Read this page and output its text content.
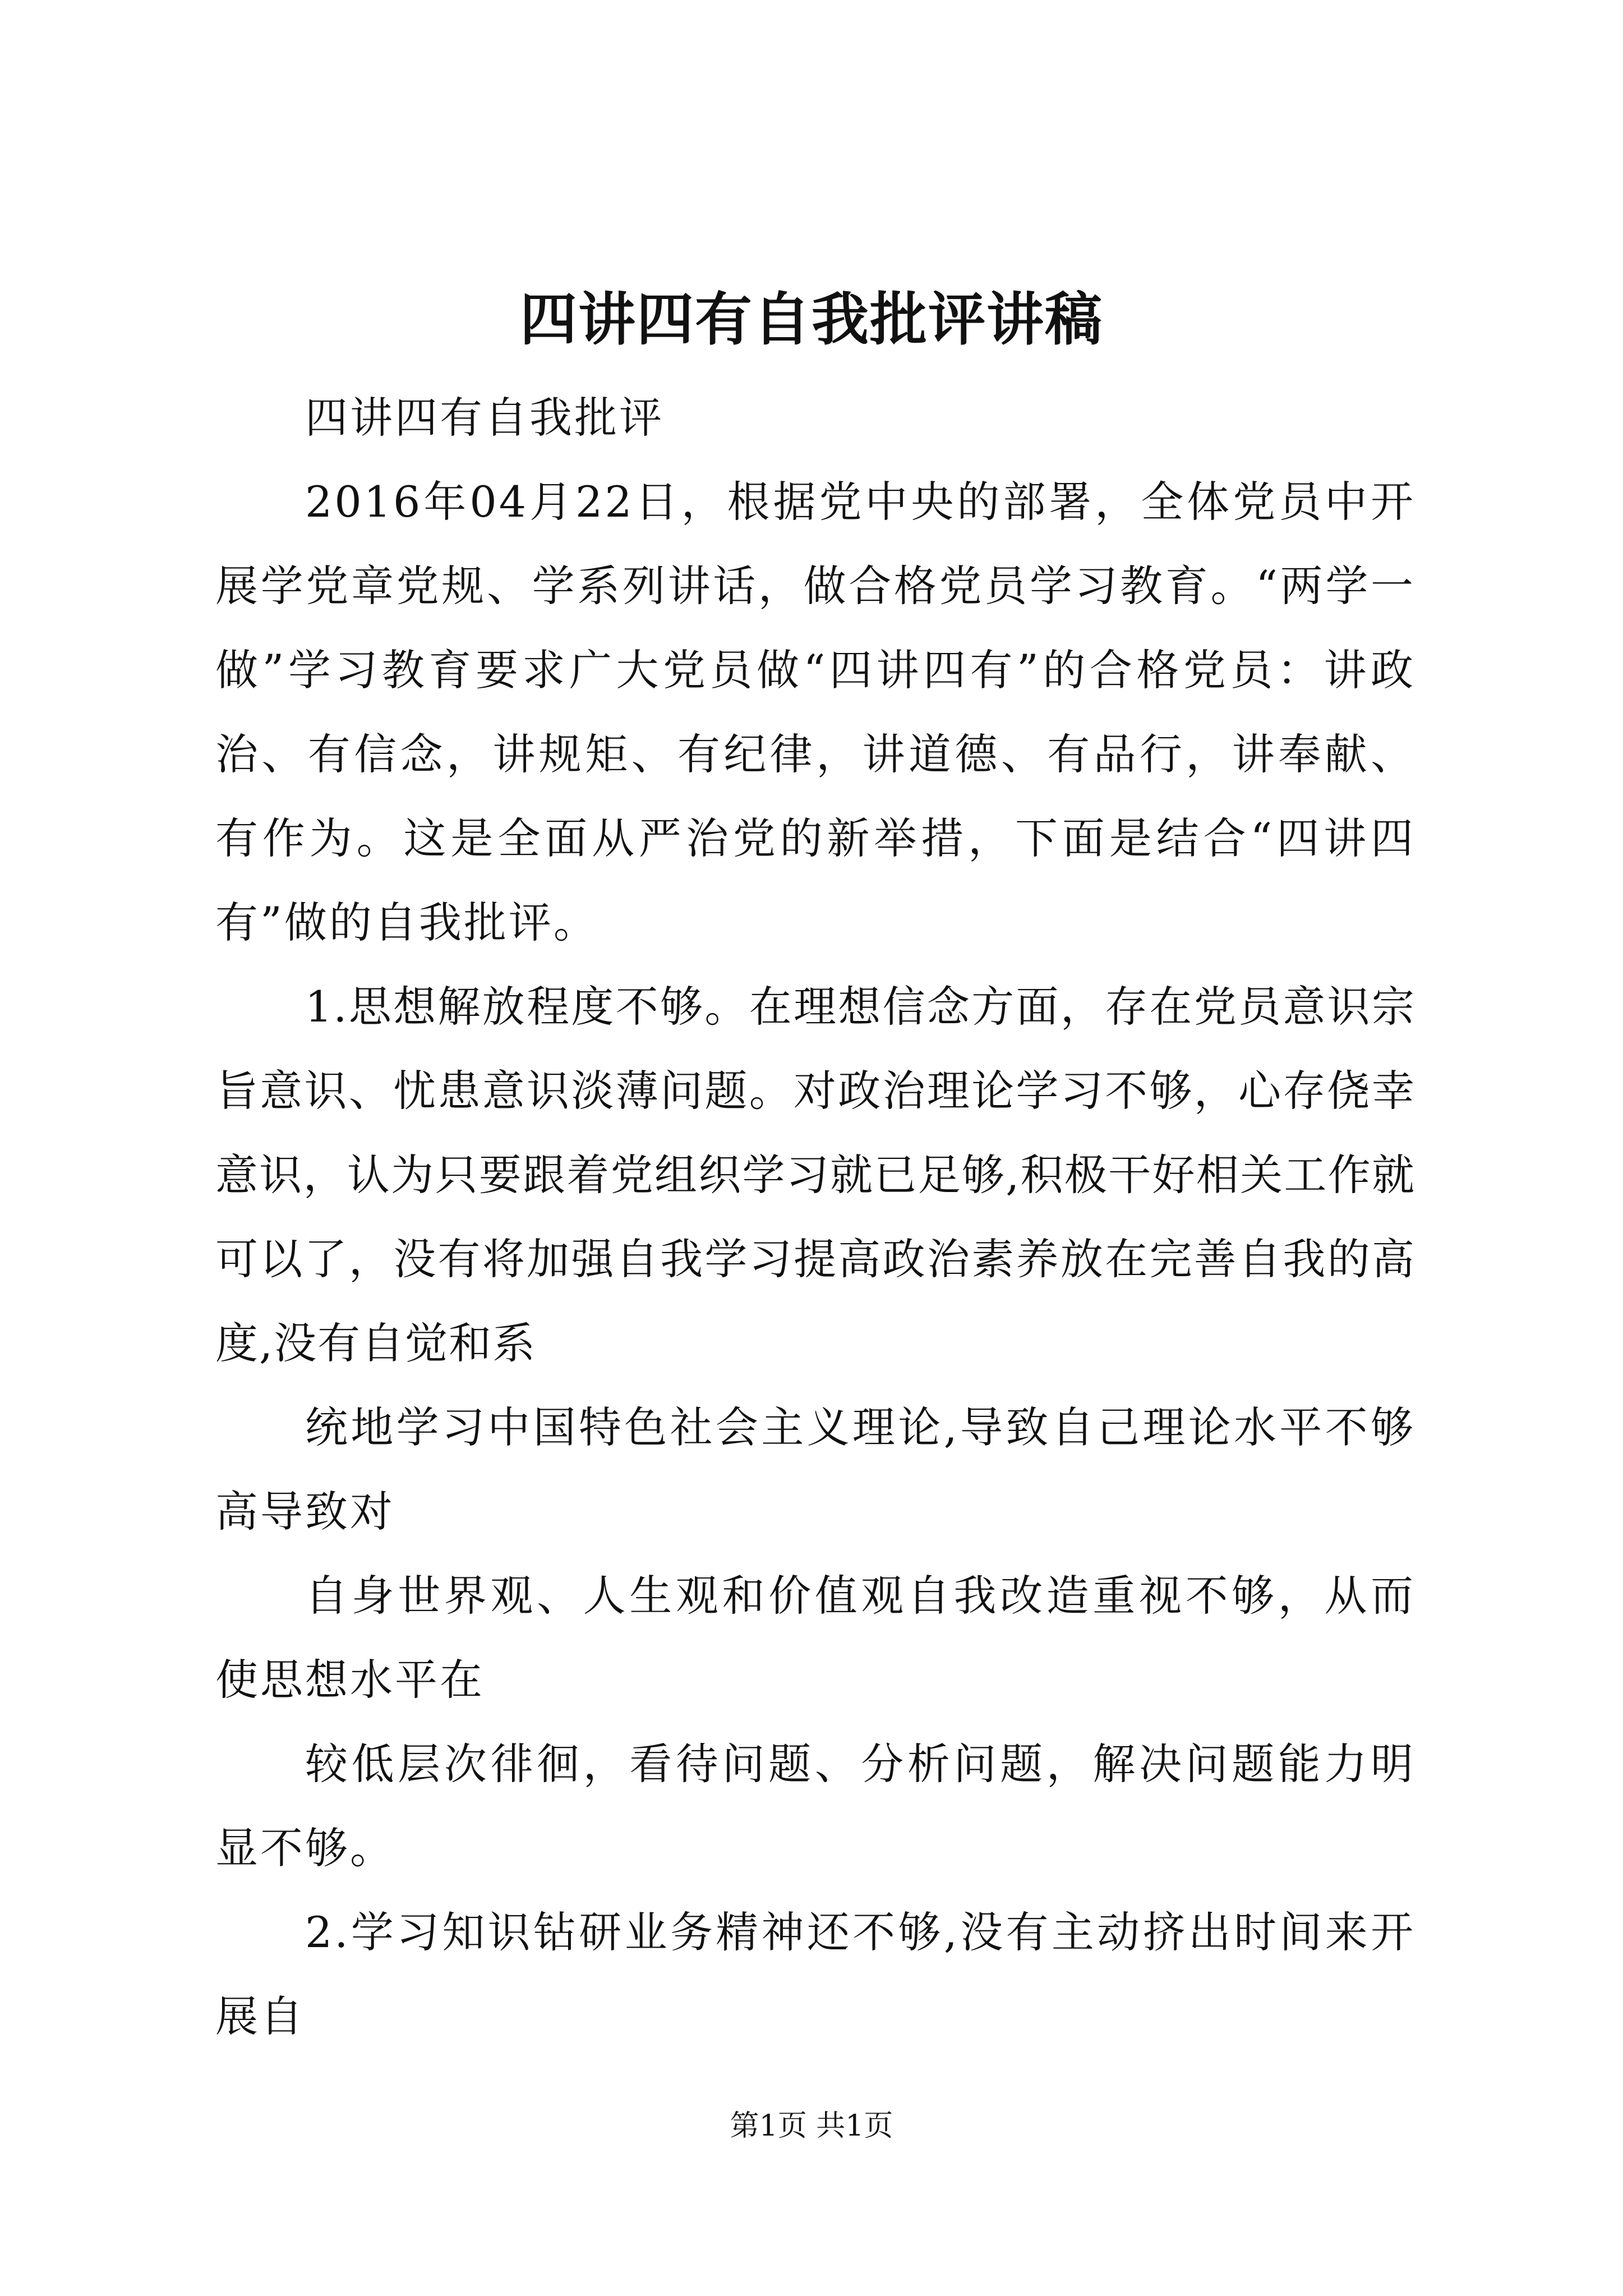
四讲四有自我批评讲稿

四讲四有自我批评

2016年04月22日，根据党中央的部署，全体党员中开展学党章党规、学系列讲话，做合格党员学习教育。“两学一做”学习教育要求广大党员做“四讲四有”的合格党员：讲政治、有信念，讲规矩、有纪律，讲道德、有品行，讲奉献、有作为。这是全面从严治党的新举措，下面是结合“四讲四有”做的自我批评。

1.思想解放程度不够。在理想信念方面，存在党员意识宗旨意识、忧患意识淡薄问题。对政治理论学习不够，心存侥幸意识，认为只要跟着党组织学习就已足够,积极干好相关工作就可以了，没有将加强自我学习提高政治素养放在完善自我的高度,没有自觉和系

统地学习中国特色社会主义理论,导致自己理论水平不够高导致对

自身世界观、人生观和价值观自我改造重视不够，从而使思想水平在

较低层次徘徊，看待问题、分析问题，解决问题能力明显不够。

2.学习知识钻研业务精神还不够,没有主动挤出时间来开展自

第1页 共1页
